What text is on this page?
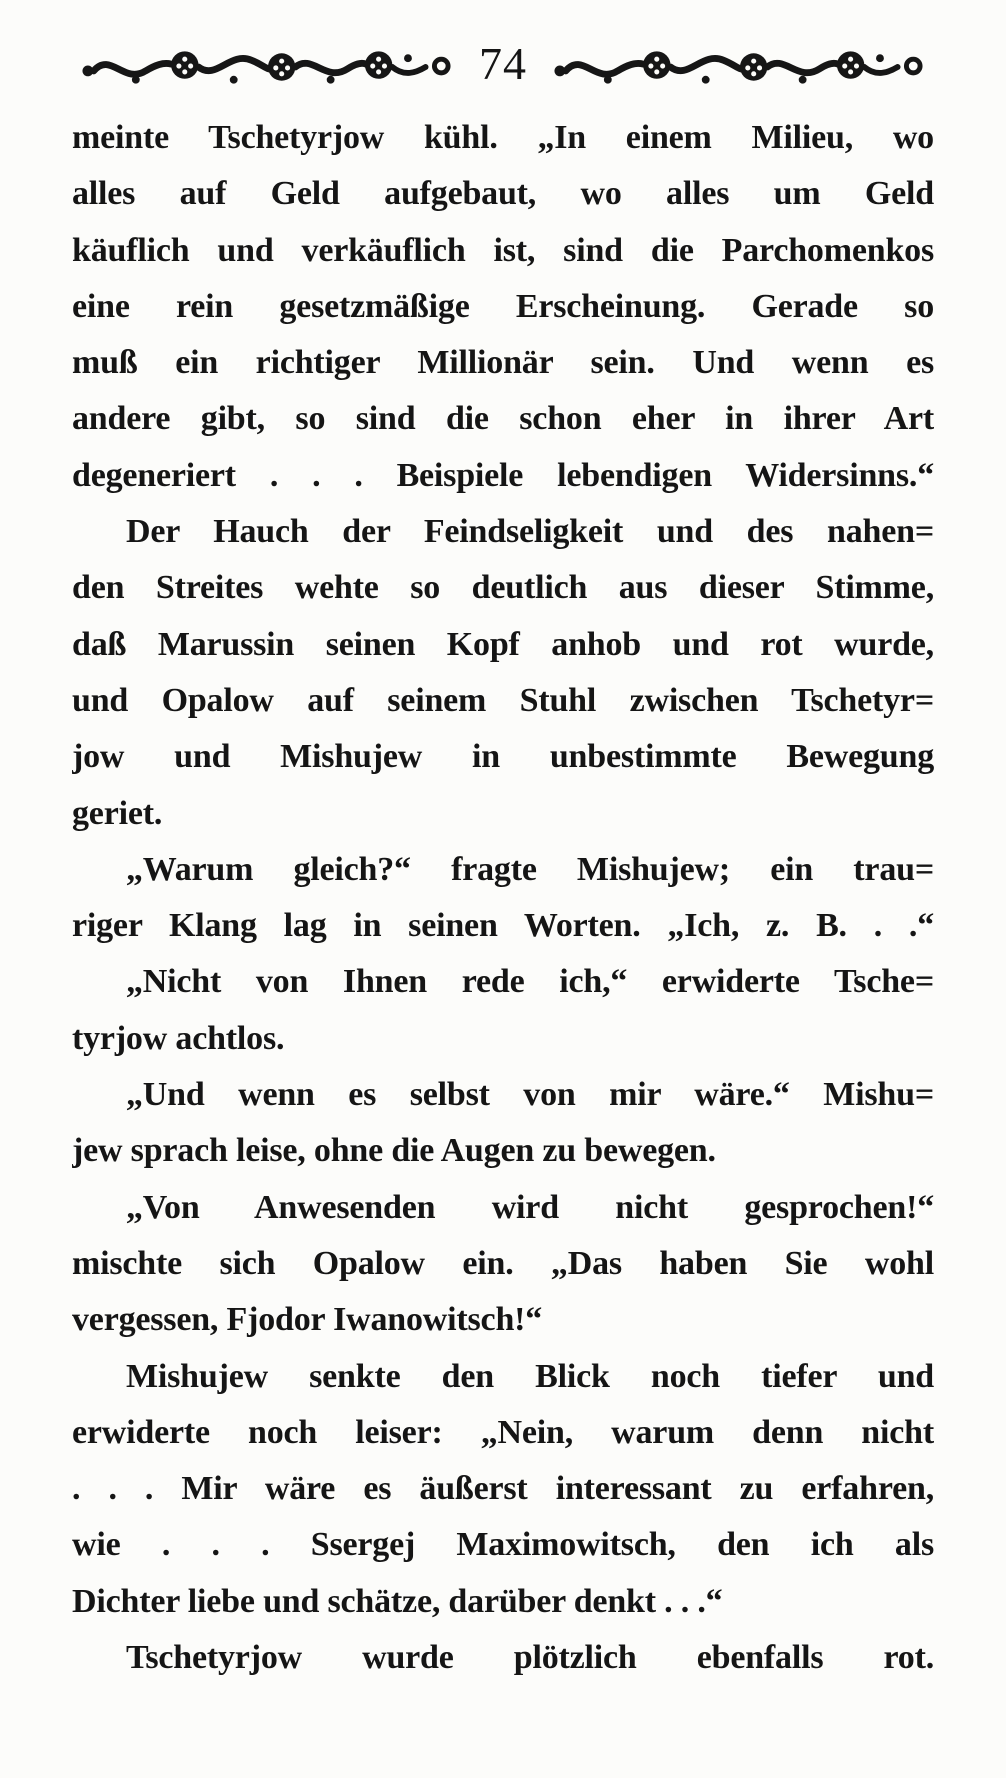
74
meinte Tschetyrjow kühl. „In einem Milieu, wo
alles auf Geld aufgebaut, wo alles um Geld
käuflich und verkäuflich ist, sind die Parchomenkos
eine rein gesetzmäßige Erscheinung. Gerade so
muß ein richtiger Millionär sein. Und wenn es
andere gibt, so sind die schon eher in ihrer Art
degeneriert . . . Beispiele lebendigen Widersinns.“
Der Hauch der Feindseligkeit und des nahen=
den Streites wehte so deutlich aus dieser Stimme,
daß Marussin seinen Kopf anhob und rot wurde,
und Opalow auf seinem Stuhl zwischen Tschetyr=
jow und Mishujew in unbestimmte Bewegung
geriet.
„Warum gleich?“ fragte Mishujew; ein trau=
riger Klang lag in seinen Worten. „Ich, z. B. . .“
„Nicht von Ihnen rede ich,“ erwiderte Tsche=
tyrjow achtlos.
„Und wenn es selbst von mir wäre.“ Mishu=
jew sprach leise, ohne die Augen zu bewegen.
„Von Anwesenden wird nicht gesprochen!“
mischte sich Opalow ein. „Das haben Sie wohl
vergessen, Fjodor Iwanowitsch!“
Mishujew senkte den Blick noch tiefer und
erwiderte noch leiser: „Nein, warum denn nicht
. . . Mir wäre es äußerst interessant zu erfahren,
wie . . . Ssergej Maximowitsch, den ich als
Dichter liebe und schätze, darüber denkt . . .“
Tschetyrjow wurde plötzlich ebenfalls rot.
